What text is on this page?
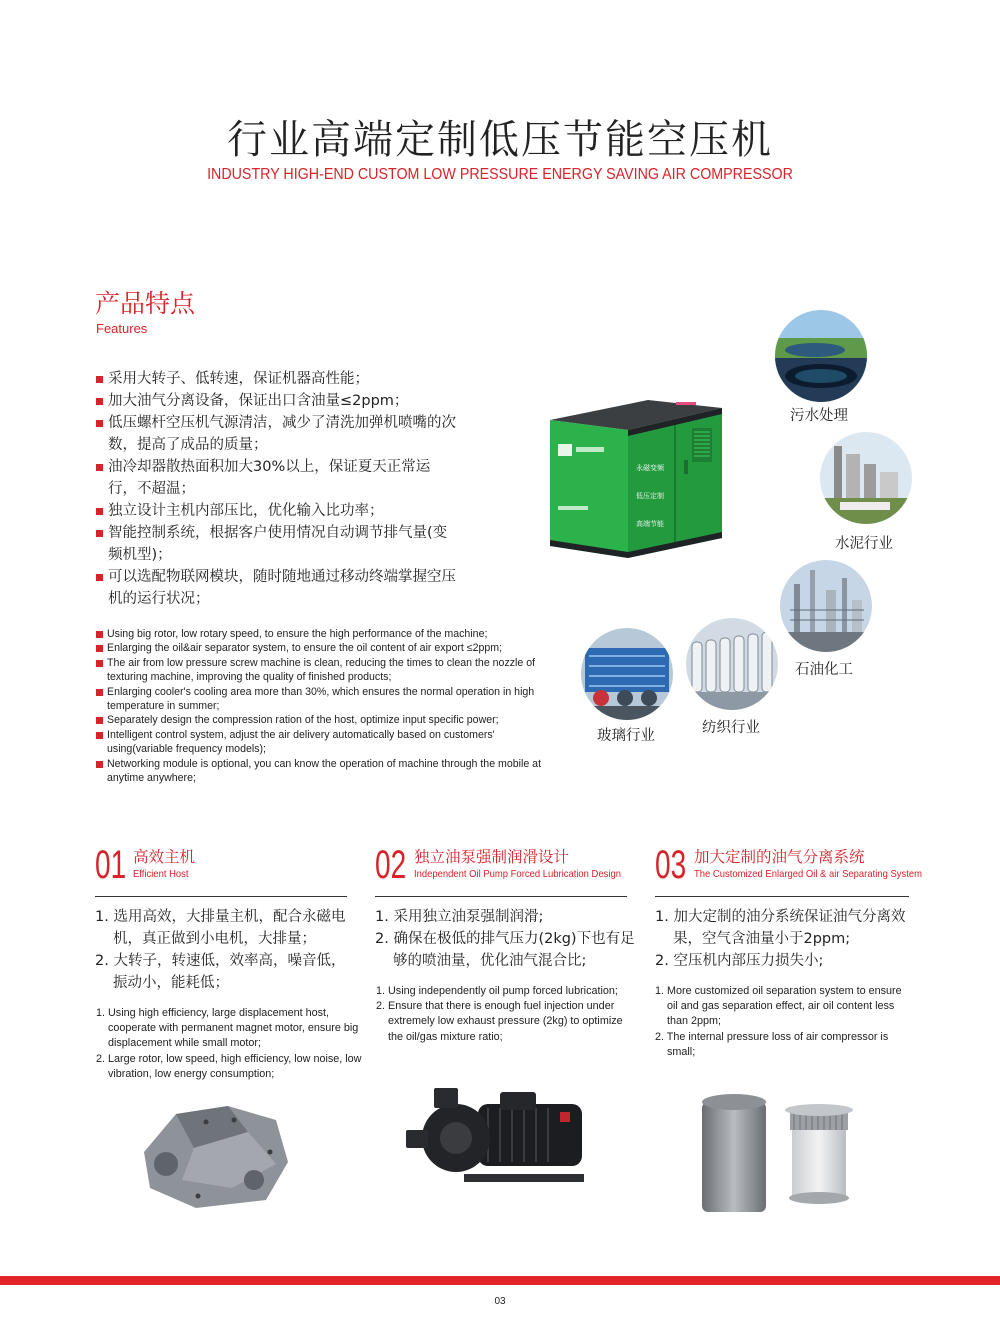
行业高端定制低压节能空压机
INDUSTRY HIGH-END CUSTOM LOW PRESSURE ENERGY SAVING AIR COMPRESSOR
产品特点
Features
采用大转子、低转速，保证机器高性能；
加大油气分离设备，保证出口含油量≤2ppm；
低压螺杆空压机气源清洁，减少了清洗加弹机喷嘴的次数，提高了成品的质量；
油冷却器散热面积加大30%以上，保证夏天正常运行，不超温；
独立设计主机内部压比，优化输入比功率；
智能控制系统，根据客户使用情况自动调节排气量(变频机型)；
可以选配物联网模块，随时随地通过移动终端掌握空压机的运行状况；
Using big rotor, low rotary speed, to ensure the high performance of the machine;
Enlarging the oil&air separator system, to ensure the oil content of air export ≤2ppm;
The air from low pressure screw machine is clean, reducing the times to clean the nozzle of texturing machine, improving the quality of finished products;
Enlarging cooler's cooling area more than 30%, which ensures the normal operation in high temperature in summer;
Separately design the compression ration of the host, optimize input specific power;
Intelligent control system, adjust the air delivery automatically based on customers' using(variable frequency models);
Networking module is optional, you can know the operation of machine through the mobile at anytime anywhere;
永磁变频
低压定制
高端节能
污水处理
水泥行业
石油化工
纺织行业
玻璃行业
01 高效主机
Efficient Host
1. 选用高效，大排量主机，配合永磁电机，真正做到小电机，大排量；
2. 大转子，转速低，效率高，噪音低，振动小，能耗低；
1. Using high efficiency, large displacement host, cooperate with permanent magnet motor, ensure big displacement while small motor;
2. Large rotor, low speed, high efficiency, low noise, low vibration, low energy consumption;
02 独立油泵强制润滑设计
Independent Oil Pump Forced Lubrication Design
1. 采用独立油泵强制润滑;
2. 确保在极低的排气压力(2kg)下也有足够的喷油量，优化油气混合比;
1. Using independently oil pump forced lubrication;
2. Ensure that there is enough fuel injection under extremely low exhaust pressure (2kg) to optimize the oil/gas mixture ratio;
03 加大定制的油气分离系统
The Customized Enlarged Oil & air Separating System
1. 加大定制的油分系统保证油气分离效果，空气含油量小于2ppm;
2. 空压机内部压力损失小;
1. More customized oil separation system to ensure oil and gas separation effect, air oil content less than 2ppm;
2. The internal pressure loss of air compressor is small;
03
